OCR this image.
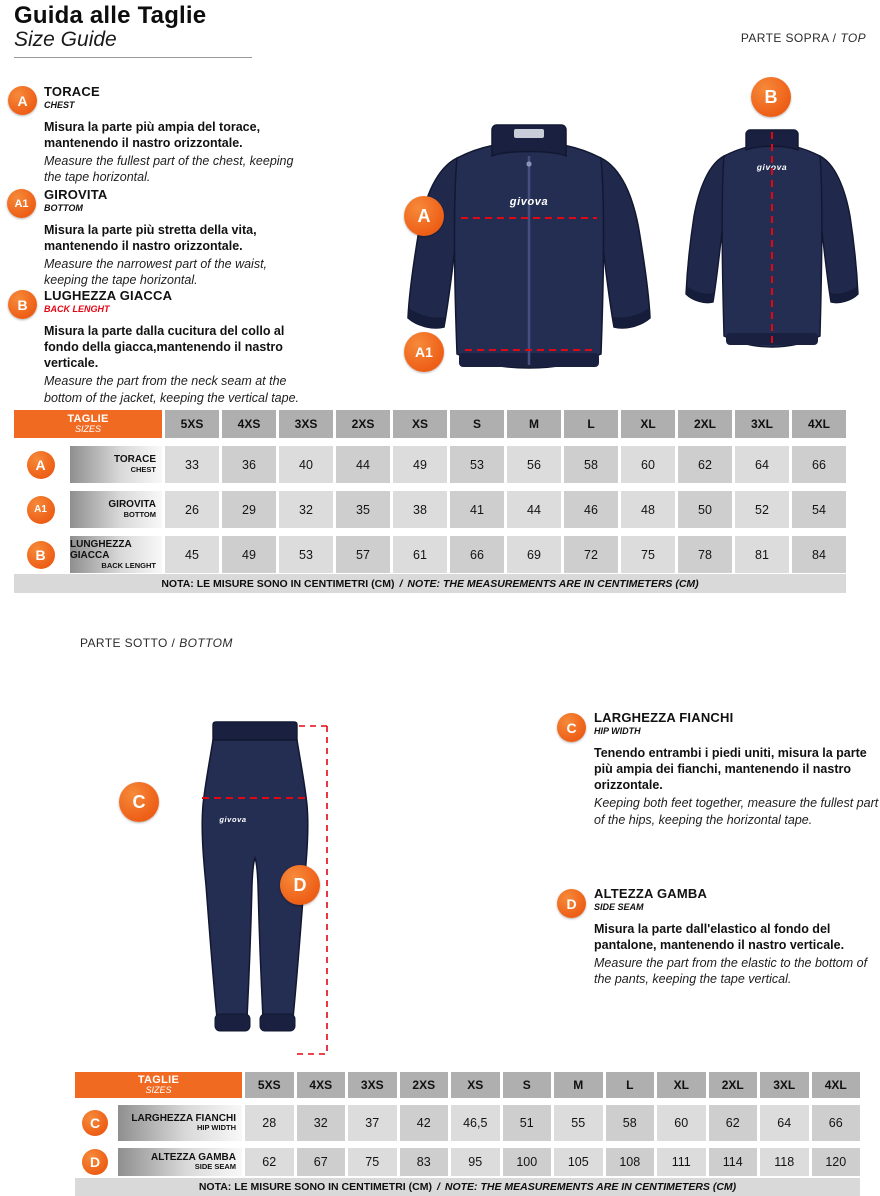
Guida alle Taglie
Size Guide	PARTE SOPRA / TOP
A
TORACE
CHEST
Misura la parte più ampia del torace, mantenendo il nastro orizzontale.
Measure the fullest part of the chest, keeping the tape horizontal.
A1
GIROVITA
BOTTOM
Misura la parte più stretta della vita, mantenendo il nastro orizzontale.
Measure the narrowest part of the waist, keeping the tape horizontal.
B
LUGHEZZA GIACCA
BACK LENGHT
Misura la parte dalla cucitura del collo al fondo della giacca,mantenendo il nastro verticale.
Measure the part from the neck seam at the bottom of the jacket, keeping the vertical tape.
givova
A
A1
givova
B
TAGLIE
SIZES	5XS	4XS	3XS	2XS	XS	S	M	L	XL	2XL	3XL	4XL
A	TORACE
CHEST	33	36	40	44	49	53	56	58	60	62	64	66
A1	GIROVITA
BOTTOM	26	29	32	35	38	41	44	46	48	50	52	54
B
LUNGHEZZA GIACCA
BACK LENGHT
45	49	53	57	61	66	69	72	75	78	81	84
NOTA: LE MISURE SONO IN CENTIMETRI (CM) / NOTE: THE MEASUREMENTS ARE IN CENTIMETERS (CM)
PARTE SOTTO / BOTTOM
givova
C
D
C
LARGHEZZA FIANCHI
HIP WIDTH
Tenendo entrambi i piedi uniti, misura la parte più ampia dei fianchi, mantenendo il nastro orizzontale.
Keeping both feet together, measure the fullest part of the hips, keeping the horizontal tape.
D
ALTEZZA GAMBA
SIDE SEAM
Misura la parte dall'elastico al fondo del pantalone, mantenendo il nastro verticale.
Measure the part from the elastic to the bottom of the pants, keeping the tape vertical.
TAGLIE
SIZES	5XS	4XS	3XS	2XS	XS	S	M	L	XL	2XL	3XL	4XL
C	LARGHEZZA FIANCHI
HIP WIDTH	28	32	37	42	46,5	51	55	58	60	62	64	66
D	ALTEZZA GAMBA
SIDE SEAM	62	67	75	83	95	100	105	108	111	114	118	120
NOTA: LE MISURE SONO IN CENTIMETRI (CM) / NOTE: THE MEASUREMENTS ARE IN CENTIMETERS (CM)
